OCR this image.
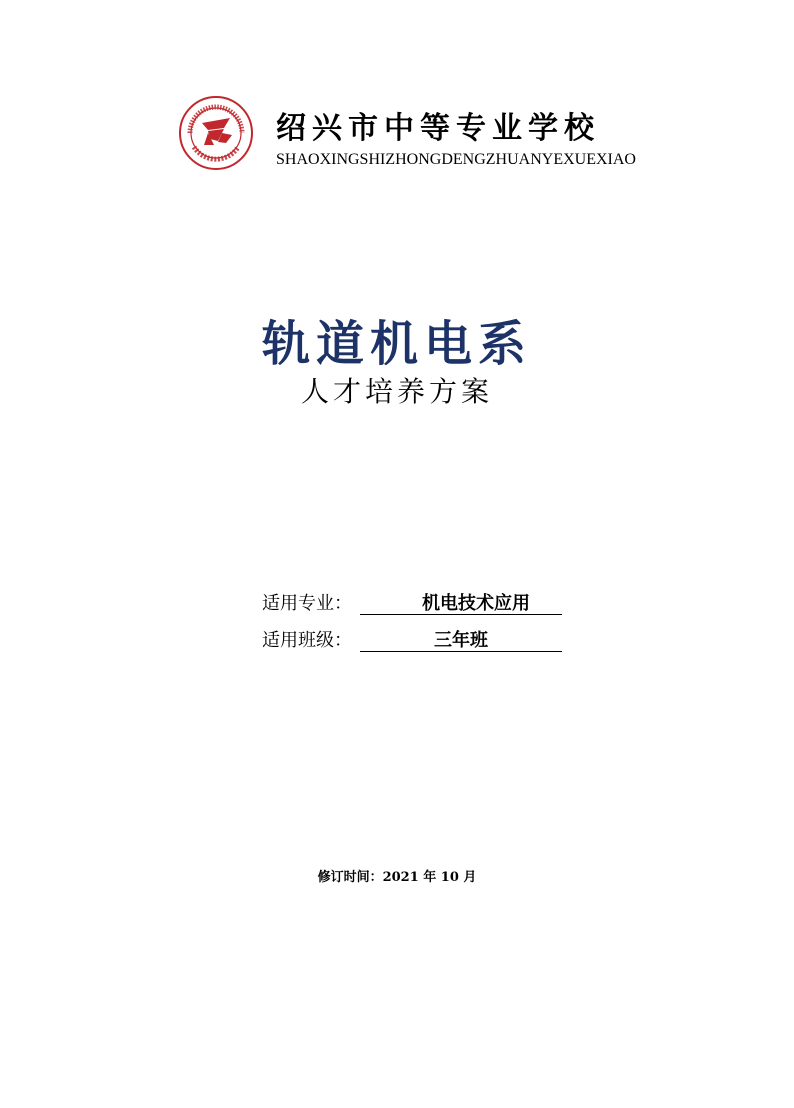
绍兴市中等专业学校
SHAOXINGSHIZHONGDENGZHUANYEXUEXIAO
轨道机电系
人才培养方案
适用专业：	机电技术应用
适用班级：	三年班
修订时间：2021 年 10 月
